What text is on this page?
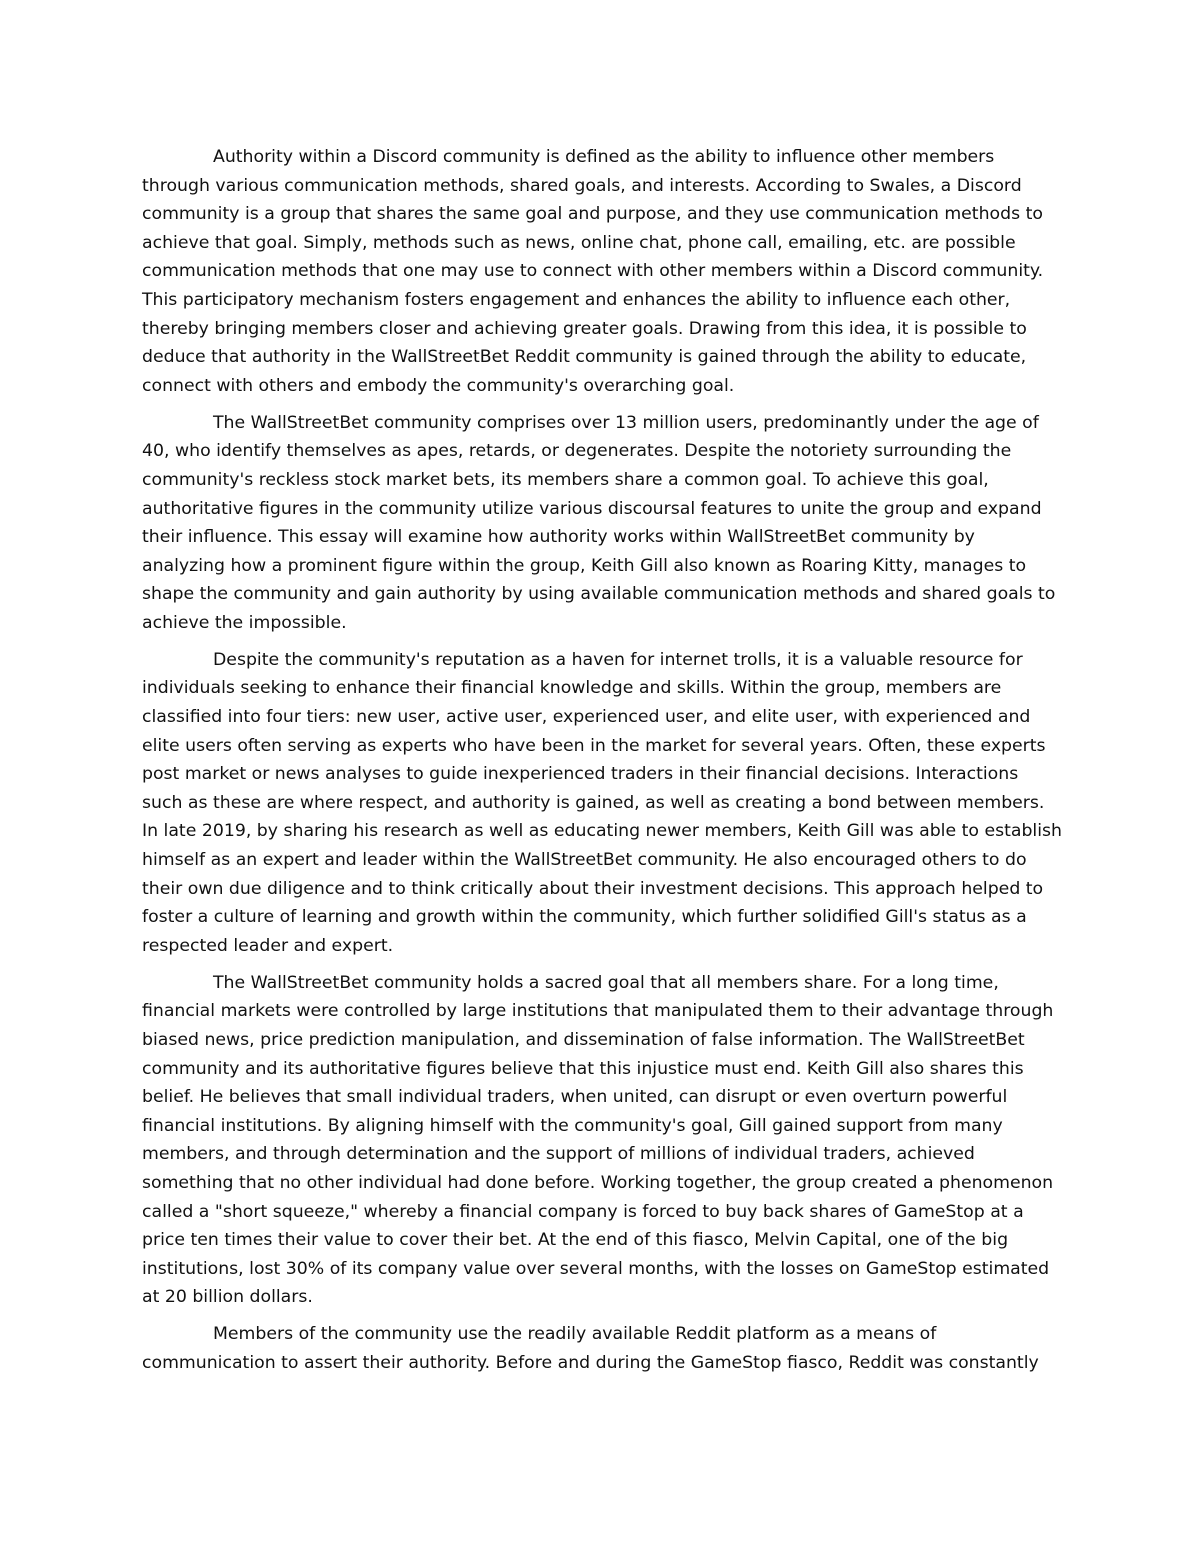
Authority within a Discord community is defined as the ability to influence other members through various communication methods, shared goals, and interests. According to Swales, a Discord community is a group that shares the same goal and purpose, and they use communication methods to achieve that goal. Simply, methods such as news, online chat, phone call, emailing, etc. are possible communication methods that one may use to connect with other members within a Discord community. This participatory mechanism fosters engagement and enhances the ability to influence each other, thereby bringing members closer and achieving greater goals. Drawing from this idea, it is possible to deduce that authority in the WallStreetBet Reddit community is gained through the ability to educate, connect with others and embody the community's overarching goal.

The WallStreetBet community comprises over 13 million users, predominantly under the age of 40, who identify themselves as apes, retards, or degenerates. Despite the notoriety surrounding the community's reckless stock market bets, its members share a common goal. To achieve this goal, authoritative figures in the community utilize various discoursal features to unite the group and expand their influence. This essay will examine how authority works within WallStreetBet community by analyzing how a prominent figure within the group, Keith Gill also known as Roaring Kitty, manages to shape the community and gain authority by using available communication methods and shared goals to achieve the impossible.

Despite the community's reputation as a haven for internet trolls, it is a valuable resource for individuals seeking to enhance their financial knowledge and skills. Within the group, members are classified into four tiers: new user, active user, experienced user, and elite user, with experienced and elite users often serving as experts who have been in the market for several years. Often, these experts post market or news analyses to guide inexperienced traders in their financial decisions. Interactions such as these are where respect, and authority is gained, as well as creating a bond between members. In late 2019, by sharing his research as well as educating newer members, Keith Gill was able to establish himself as an expert and leader within the WallStreetBet community. He also encouraged others to do their own due diligence and to think critically about their investment decisions. This approach helped to foster a culture of learning and growth within the community, which further solidified Gill's status as a respected leader and expert.

The WallStreetBet community holds a sacred goal that all members share. For a long time, financial markets were controlled by large institutions that manipulated them to their advantage through biased news, price prediction manipulation, and dissemination of false information. The WallStreetBet community and its authoritative figures believe that this injustice must end. Keith Gill also shares this belief. He believes that small individual traders, when united, can disrupt or even overturn powerful financial institutions. By aligning himself with the community's goal, Gill gained support from many members, and through determination and the support of millions of individual traders, achieved something that no other individual had done before. Working together, the group created a phenomenon called a "short squeeze," whereby a financial company is forced to buy back shares of GameStop at a price ten times their value to cover their bet. At the end of this fiasco, Melvin Capital, one of the big institutions, lost 30% of its company value over several months, with the losses on GameStop estimated at 20 billion dollars.

Members of the community use the readily available Reddit platform as a means of communication to assert their authority. Before and during the GameStop fiasco, Reddit was constantly
